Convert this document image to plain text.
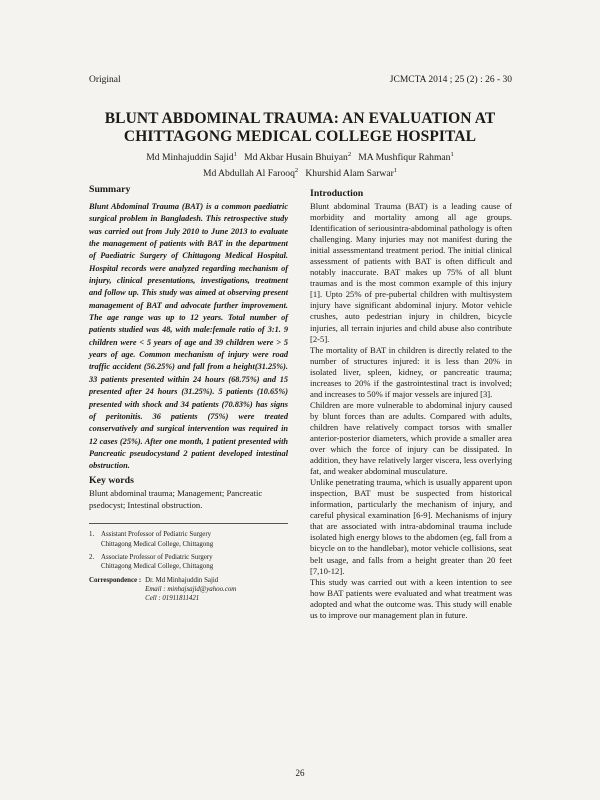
Original	JCMCTA 2014 ; 25 (2) : 26 - 30
BLUNT ABDOMINAL TRAUMA: AN EVALUATION AT
CHITTAGONG MEDICAL COLLEGE HOSPITAL
Md Minhajuddin Sajid$^1$ Md Akbar Husain Bhuiyan$^2$ MA Mushfiqur Rahman$^1$
Md Abdullah Al Farooq$^2$ Khurshid Alam Sarwar$^1$
Summary

Blunt Abdominal Trauma (BAT) is a common paediatric surgical problem in Bangladesh. This retrospective study was carried out from July 2010 to June 2013 to evaluate the management of patients with BAT in the department of Paediatric Surgery of Chittagong Medical Hospital. Hospital records were analyzed regarding mechanism of injury, clinical presentations, investigations, treatment and follow up. This study was aimed at observing present management of BAT and advocate further improvement. The age range was up to 12 years. Total number of patients studied was 48, with male:female ratio of 3:1. 9 children were < 5 years of age and 39 children were > 5 years of age. Common mechanism of injury were road traffic accident (56.25%) and fall from a height(31.25%). 33 patients presented within 24 hours (68.75%) and 15 presented after 24 hours (31.25%). 5 patients (10.65%) presented with shock and 34 patients (70.83%) has signs of peritonitis. 36 patients (75%) were treated conservatively and surgical intervention was required in 12 cases (25%). After one month, 1 patient presented with Pancreatic pseudocystand 2 patient developed intestinal obstruction.

Key words

Blunt abdominal trauma; Management; Pancreatic psedocyst; Intestinal obstruction.

1. Assistant Professor of Pediatric Surgery
Chittagong Medical College, Chittagong
2. Associate Professor of Pediatric Surgery
Chittagong Medical College, Chittagong
Correspondence : Dr. Md Minhajuddin Sajid
Email : minhajsajid@yahoo.com
Cell : 01911811421
Introduction

Blunt abdominal Trauma (BAT) is a leading cause of morbidity and mortality among all age groups. Identification of seriousintra-abdominal pathology is often challenging. Many injuries may not manifest during the initial assessmentand treatment period. The initial clinical assessment of patients with BAT is often difficult and notably inaccurate. BAT makes up 75% of all blunt traumas and is the most common example of this injury [1]. Upto 25% of pre-pubertal children with multisystem injury have significant abdominal injury. Motor vehicle crushes, auto pedestrian injury in children, bicycle injuries, all terrain injuries and child abuse also contribute [2-5].

The mortality of BAT in children is directly related to the number of structures injured: it is less than 20% in isolated liver, spleen, kidney, or pancreatic trauma; increases to 20% if the gastrointestinal tract is involved; and increases to 50% if major vessels are injured [3].

Children are more vulnerable to abdominal injury caused by blunt forces than are adults. Compared with adults, children have relatively compact torsos with smaller anterior-posterior diameters, which provide a smaller area over which the force of injury can be dissipated. In addition, they have relatively larger viscera, less overlying fat, and weaker abdominal musculature.

Unlike penetrating trauma, which is usually apparent upon inspection, BAT must be suspected from historical information, particularly the mechanism of injury, and careful physical examination [6-9]. Mechanisms of injury that are associated with intra-abdominal trauma include isolated high energy blows to the abdomen (eg, fall from a bicycle on to the handlebar), motor vehicle collisions, seat belt usage, and falls from a height greater than 20 feet [7,10-12].

This study was carried out with a keen intention to see how BAT patients were evaluated and what treatment was adopted and what the outcome was. This study will enable us to improve our management plan in future.

26
